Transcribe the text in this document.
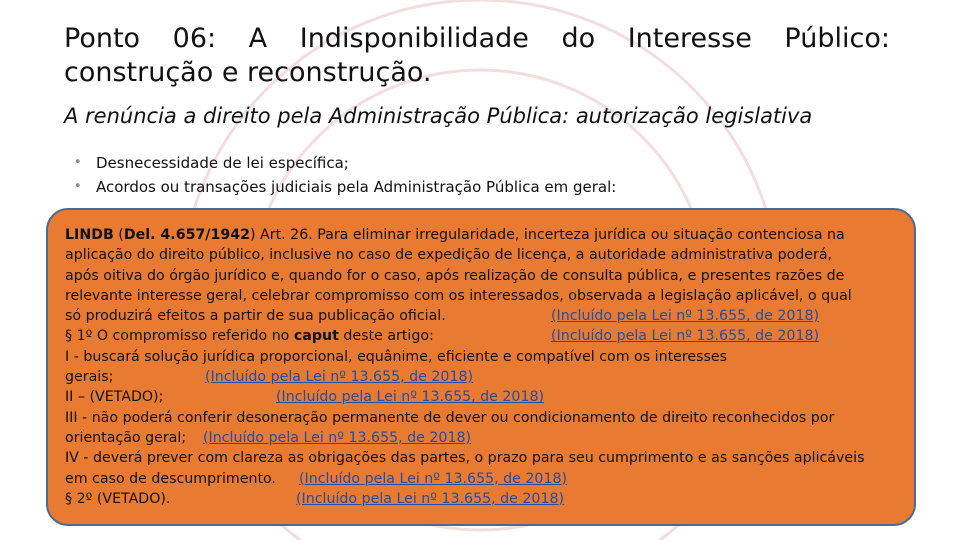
Ponto 06: A Indisponibilidade do Interesse Público:
construção e reconstrução.
A renúncia a direito pela Administração Pública: autorização legislativa
• Desnecessidade de lei específica;
• Acordos ou transações judiciais pela Administração Pública em geral:
LINDB (Del. 4.657/1942) Art. 26. Para eliminar irregularidade, incerteza jurídica ou situação contenciosa na
aplicação do direito público, inclusive no caso de expedição de licença, a autoridade administrativa poderá,
após oitiva do órgão jurídico e, quando for o caso, após realização de consulta pública, e presentes razões de
relevante interesse geral, celebrar compromisso com os interessados, observada a legislação aplicável, o qual
só produzirá efeitos a partir de sua publicação oficial.	(Incluído pela Lei nº 13.655, de 2018)
§ 1º O compromisso referido no caput deste artigo:	(Incluído pela Lei nº 13.655, de 2018)
I - buscará solução jurídica proporcional, equânime, eficiente e compatível com os interesses
gerais;	(Incluído pela Lei nº 13.655, de 2018)
II – (VETADO);	(Incluído pela Lei nº 13.655, de 2018)
III - não poderá conferir desoneração permanente de dever ou condicionamento de direito reconhecidos por
orientação geral; (Incluído pela Lei nº 13.655, de 2018)
IV - deverá prever com clareza as obrigações das partes, o prazo para seu cumprimento e as sanções aplicáveis
em caso de descumprimento. (Incluído pela Lei nº 13.655, de 2018)
§ 2º (VETADO).	(Incluído pela Lei nº 13.655, de 2018)
